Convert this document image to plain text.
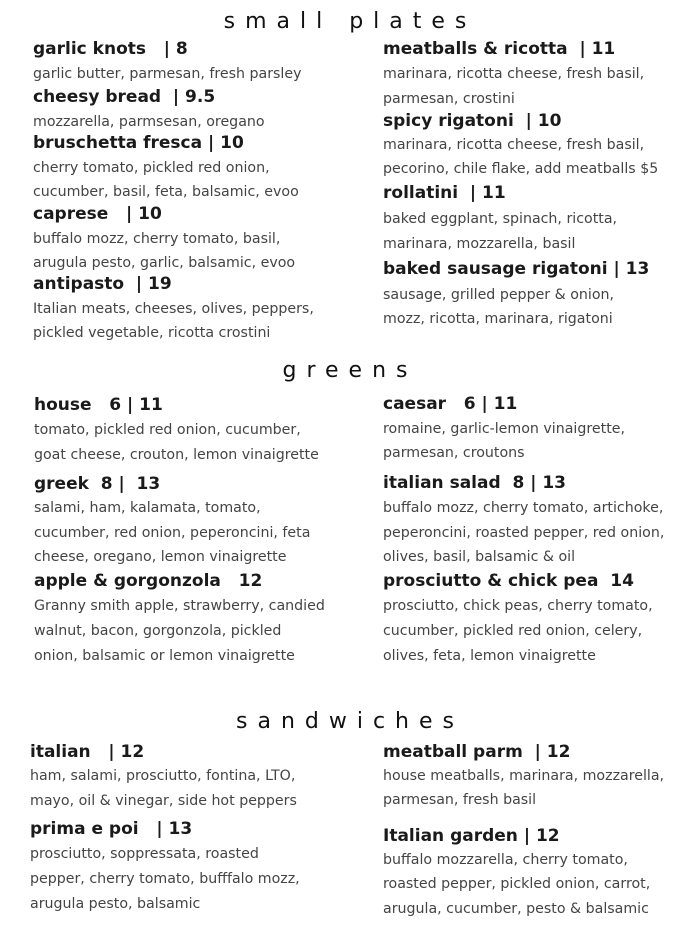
small plates
garlic knots   | 8
garlic butter, parmesan, fresh parsley
cheesy bread  | 9.5
mozzarella, parmsesan, oregano
bruschetta fresca | 10
cherry tomato, pickled red onion,
cucumber, basil, feta, balsamic, evoo
caprese   | 10
buffalo mozz, cherry tomato, basil,
arugula pesto, garlic, balsamic, evoo
antipasto  | 19
Italian meats, cheeses, olives, peppers,
pickled vegetable, ricotta crostini
meatballs & ricotta  | 11
marinara, ricotta cheese, fresh basil,
parmesan, crostini
spicy rigatoni  | 10
marinara, ricotta cheese, fresh basil,
pecorino, chile flake, add meatballs $5
rollatini  | 11
baked eggplant, spinach, ricotta,
marinara, mozzarella, basil
baked sausage rigatoni | 13
sausage, grilled pepper & onion,
mozz, ricotta, marinara, rigatoni
greens
house   6 | 11
tomato, pickled red onion, cucumber,
goat cheese, crouton, lemon vinaigrette
greek  8 |  13
salami, ham, kalamata, tomato,
cucumber, red onion, peperoncini, feta
cheese, oregano, lemon vinaigrette
apple & gorgonzola   12
Granny smith apple, strawberry, candied
walnut, bacon, gorgonzola, pickled
onion, balsamic or lemon vinaigrette
caesar   6 | 11
romaine, garlic-lemon vinaigrette,
parmesan, croutons
italian salad  8 | 13
buffalo mozz, cherry tomato, artichoke,
peperoncini, roasted pepper, red onion,
olives, basil, balsamic & oil
prosciutto & chick pea  14
prosciutto, chick peas, cherry tomato,
cucumber, pickled red onion, celery,
olives, feta, lemon vinaigrette
sandwiches
italian   | 12
ham, salami, prosciutto, fontina, LTO,
mayo, oil & vinegar, side hot peppers
prima e poi   | 13
prosciutto, soppressata, roasted
pepper, cherry tomato, bufffalo mozz,
arugula pesto, balsamic
meatball parm  | 12
house meatballs, marinara, mozzarella,
parmesan, fresh basil
Italian garden | 12
buffalo mozzarella, cherry tomato,
roasted pepper, pickled onion, carrot,
arugula, cucumber, pesto & balsamic
